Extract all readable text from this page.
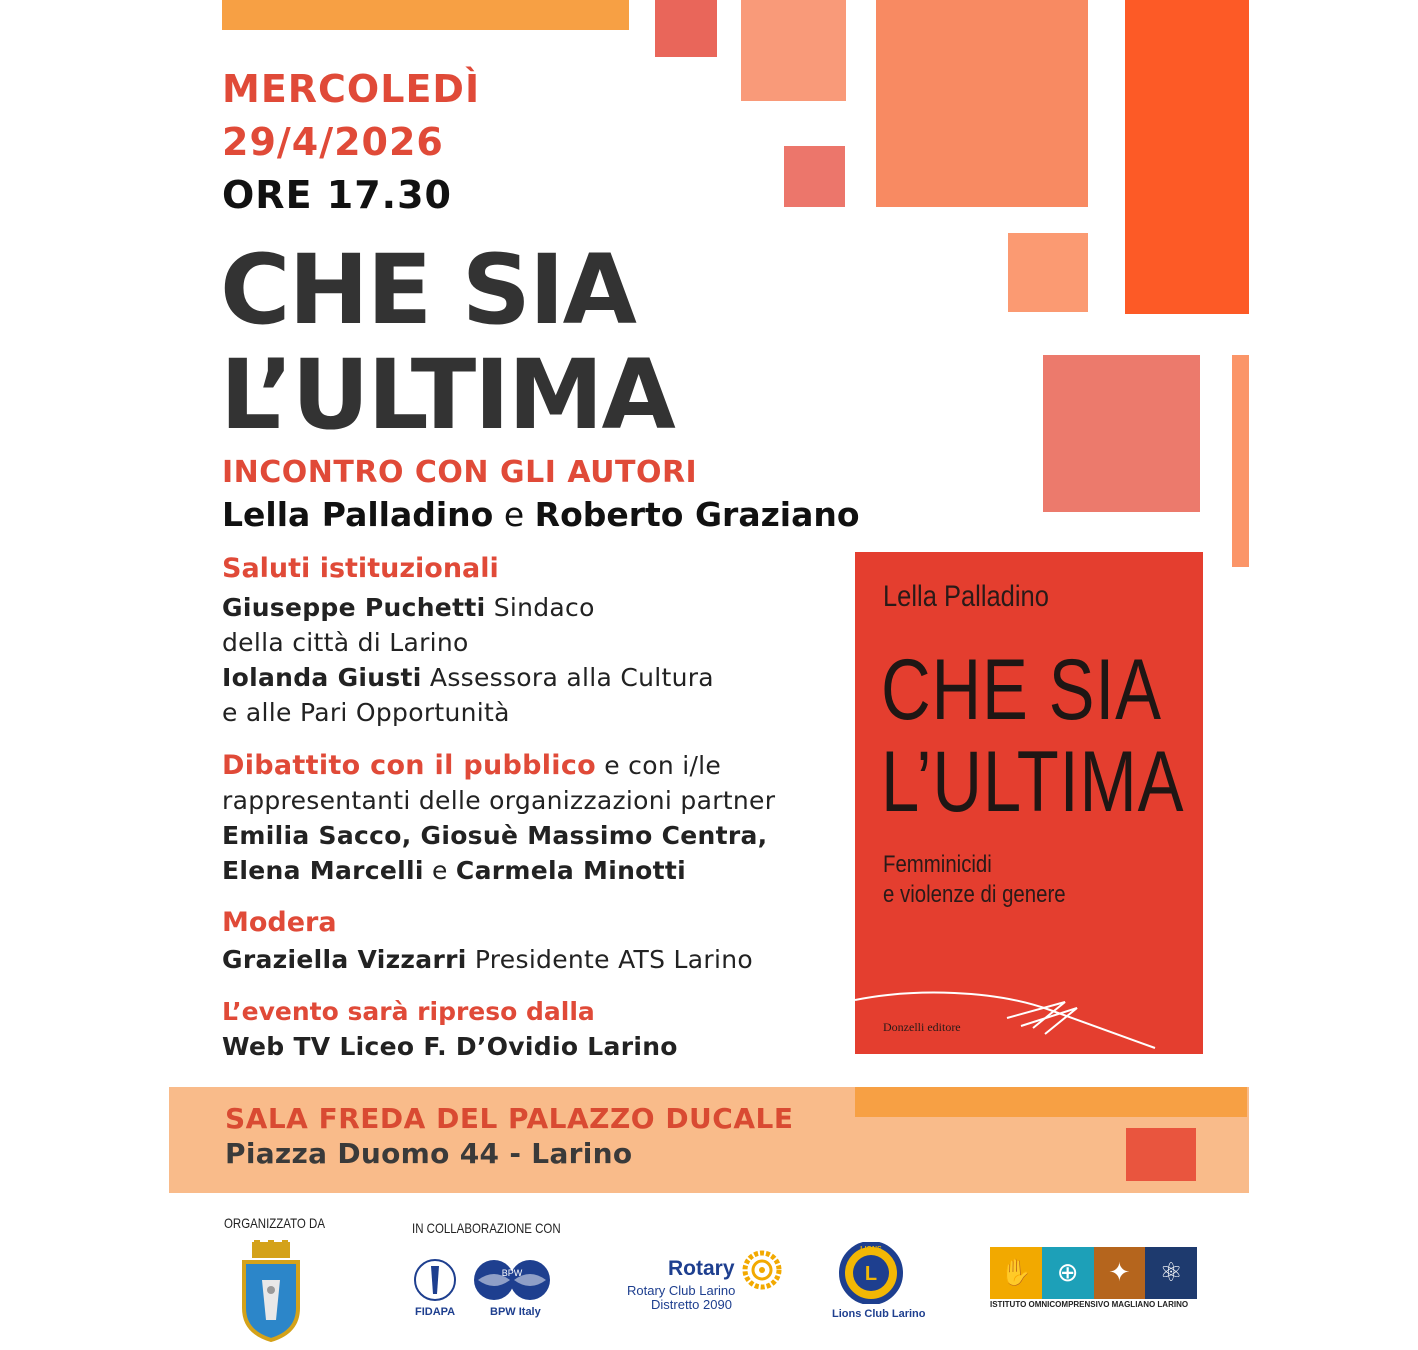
MERCOLEDÌ
29/4/2026
ORE 17.30
CHE SIA
L’ULTIMA
INCONTRO CON GLI AUTORI
Lella Palladino e Roberto Graziano
Saluti istituzionali
Giuseppe Puchetti Sindaco
della città di Larino
Iolanda Giusti Assessora alla Cultura
e alle Pari Opportunità
Dibattito con il pubblico e con i/le
rappresentanti delle organizzazioni partner
Emilia Sacco, Giosuè Massimo Centra,
Elena Marcelli e Carmela Minotti
Modera
Graziella Vizzarri Presidente ATS Larino
L’evento sarà ripreso dalla
Web TV Liceo F. D’Ovidio Larino
Lella Palladino
CHE SIA
L’ULTIMA
Femminicidi
e violenze di genere
Donzelli editore
SALA FREDA DEL PALAZZO DUCALE
Piazza Duomo 44 - Larino
ORGANIZZATO DA	IN COLLABORAZIONE CON
FIDAPA
BPW
BPW Italy
Rotary
Rotary Club Larino
Distretto 2090
L
LIONS
Lions Club Larino
✋ ⊕	✦	⚛
ISTITUTO OMNICOMPRENSIVO MAGLIANO LARINO
